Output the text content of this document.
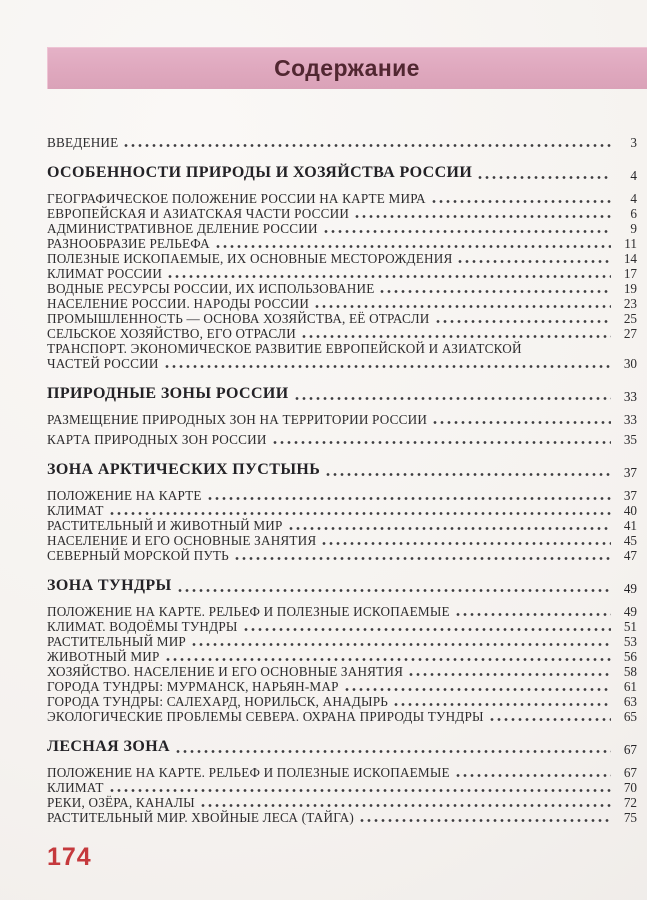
Содержание
ВВЕДЕНИЕ	3
ОСОБЕННОСТИ ПРИРОДЫ И ХОЗЯЙСТВА РОССИИ	4
ГЕОГРАФИЧЕСКОЕ ПОЛОЖЕНИЕ РОССИИ НА КАРТЕ МИРА	4
ЕВРОПЕЙСКАЯ И АЗИАТСКАЯ ЧАСТИ РОССИИ	6
АДМИНИСТРАТИВНОЕ ДЕЛЕНИЕ РОССИИ	9
РАЗНООБРАЗИЕ РЕЛЬЕФА	11
ПОЛЕЗНЫЕ ИСКОПАЕМЫЕ, ИХ ОСНОВНЫЕ МЕСТОРОЖДЕНИЯ	14
КЛИМАТ РОССИИ	17
ВОДНЫЕ РЕСУРСЫ РОССИИ, ИХ ИСПОЛЬЗОВАНИЕ	19
НАСЕЛЕНИЕ РОССИИ. НАРОДЫ РОССИИ	23
ПРОМЫШЛЕННОСТЬ — ОСНОВА ХОЗЯЙСТВА, ЕЁ ОТРАСЛИ	25
СЕЛЬСКОЕ ХОЗЯЙСТВО, ЕГО ОТРАСЛИ	27
ТРАНСПОРТ. ЭКОНОМИЧЕСКОЕ РАЗВИТИЕ ЕВРОПЕЙСКОЙ И АЗИАТСКОЙ
ЧАСТЕЙ РОССИИ	30
ПРИРОДНЫЕ ЗОНЫ РОССИИ	33
РАЗМЕЩЕНИЕ ПРИРОДНЫХ ЗОН НА ТЕРРИТОРИИ РОССИИ	33
КАРТА ПРИРОДНЫХ ЗОН РОССИИ	35
ЗОНА АРКТИЧЕСКИХ ПУСТЫНЬ	37
ПОЛОЖЕНИЕ НА КАРТЕ	37
КЛИМАТ	40
РАСТИТЕЛЬНЫЙ И ЖИВОТНЫЙ МИР	41
НАСЕЛЕНИЕ И ЕГО ОСНОВНЫЕ ЗАНЯТИЯ	45
СЕВЕРНЫЙ МОРСКОЙ ПУТЬ	47
ЗОНА ТУНДРЫ	49
ПОЛОЖЕНИЕ НА КАРТЕ. РЕЛЬЕФ И ПОЛЕЗНЫЕ ИСКОПАЕМЫЕ	49
КЛИМАТ. ВОДОЁМЫ ТУНДРЫ	51
РАСТИТЕЛЬНЫЙ МИР	53
ЖИВОТНЫЙ МИР	56
ХОЗЯЙСТВО. НАСЕЛЕНИЕ И ЕГО ОСНОВНЫЕ ЗАНЯТИЯ	58
ГОРОДА ТУНДРЫ: МУРМАНСК, НАРЬЯН-МАР	61
ГОРОДА ТУНДРЫ: САЛЕХАРД, НОРИЛЬСК, АНАДЫРЬ	63
ЭКОЛОГИЧЕСКИЕ ПРОБЛЕМЫ СЕВЕРА. ОХРАНА ПРИРОДЫ ТУНДРЫ	65
ЛЕСНАЯ ЗОНА	67
ПОЛОЖЕНИЕ НА КАРТЕ. РЕЛЬЕФ И ПОЛЕЗНЫЕ ИСКОПАЕМЫЕ	67
КЛИМАТ	70
РЕКИ, ОЗЁРА, КАНАЛЫ	72
РАСТИТЕЛЬНЫЙ МИР. ХВОЙНЫЕ ЛЕСА (ТАЙГА)	75
174
